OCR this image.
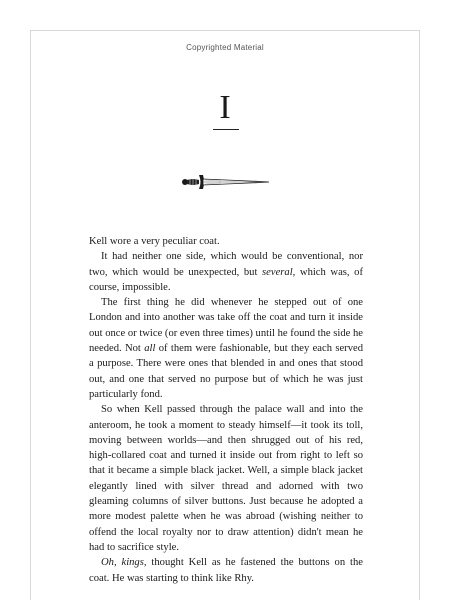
Copyrighted Material
I

Kell wore a very peculiar coat.

It had neither one side, which would be conventional, nor two, which would be unexpected, but several, which was, of course, impossible.

The first thing he did whenever he stepped out of one London and into another was take off the coat and turn it inside out once or twice (or even three times) until he found the side he needed. Not all of them were fashionable, but they each served a purpose. There were ones that blended in and ones that stood out, and one that served no purpose but of which he was just particularly fond.

So when Kell passed through the palace wall and into the anteroom, he took a moment to steady himself—it took its toll, moving between worlds—and then shrugged out of his red, high-collared coat and turned it inside out from right to left so that it became a simple black jacket. Well, a simple black jacket elegantly lined with silver thread and adorned with two gleaming columns of silver buttons. Just because he adopted a more modest palette when he was abroad (wishing neither to offend the local royalty nor to draw attention) didn't mean he had to sacrifice style.

Oh, kings, thought Kell as he fastened the buttons on the coat. He was starting to think like Rhy.
